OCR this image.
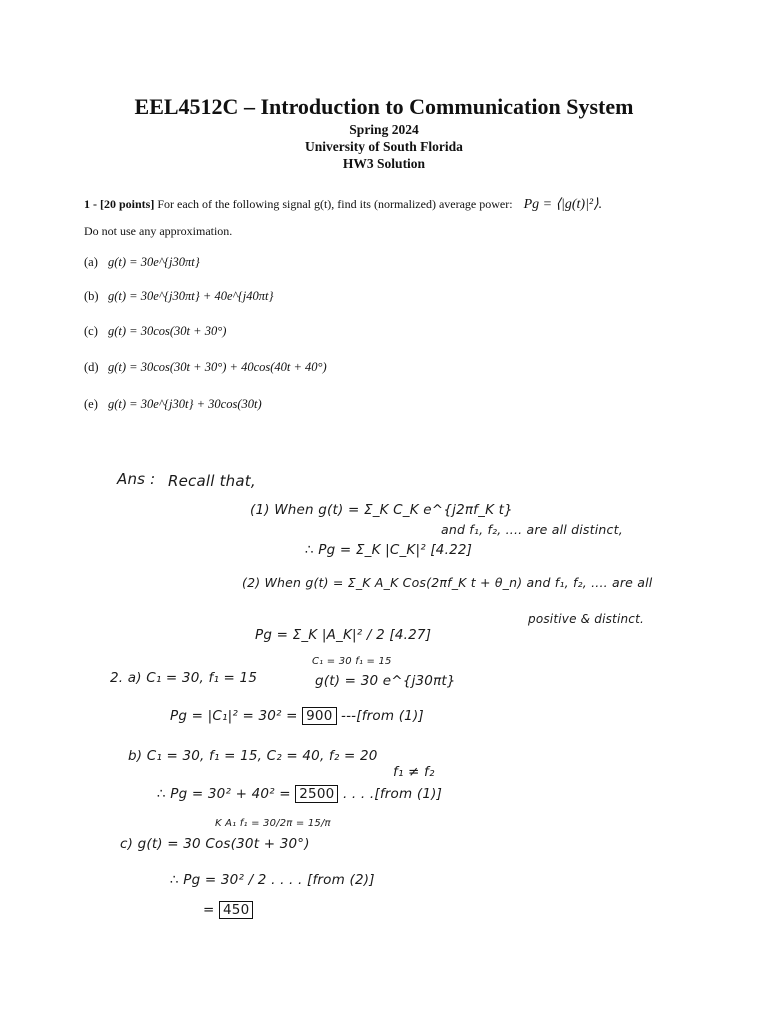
EEL4512C – Introduction to Communication System
Spring 2024
University of South Florida
HW3 Solution
1 - [20 points] For each of the following signal g(t), find its (normalized) average power: Pg = ⟨|g(t)|²⟩.
Do not use any approximation.
(a) g(t) = 30e^{j30πt}
(b) g(t) = 30e^{j30πt} + 40e^{j40πt}
(c) g(t) = 30cos(30t + 30°)
(d) g(t) = 30cos(30t + 30°) + 40cos(40t + 40°)
(e) g(t) = 30e^{j30t} + 30cos(30t)
Ans : Recall that,
(1) When g(t) = Σ_K C_K e^{j2πf_K t}
and f₁, f₂, .... are all distinct,
∴ Pg = Σ_K |C_K|² [4.22]
(2) When g(t) = Σ_K A_K Cos(2πf_K t + θ_n) and f₁, f₂, .... are all
positive & distinct.
Pg = Σ_K |A_K|² / 2 [4.27]
C₁ = 30 f₁ = 15
2. a) C₁ = 30, f₁ = 15	g(t) = 30 e^{j30πt}
Pg = |C₁|² = 30² = 900 ---[from (1)]
b) C₁ = 30, f₁ = 15, C₂ = 40, f₂ = 20
f₁ ≠ f₂
∴ Pg = 30² + 40² = 2500 . . . .[from (1)]
K A₁ f₁ = 30/2π = 15/π
c) g(t) = 30 Cos(30t + 30°)
∴ Pg = 30² / 2 . . . . [from (2)]
= 450
